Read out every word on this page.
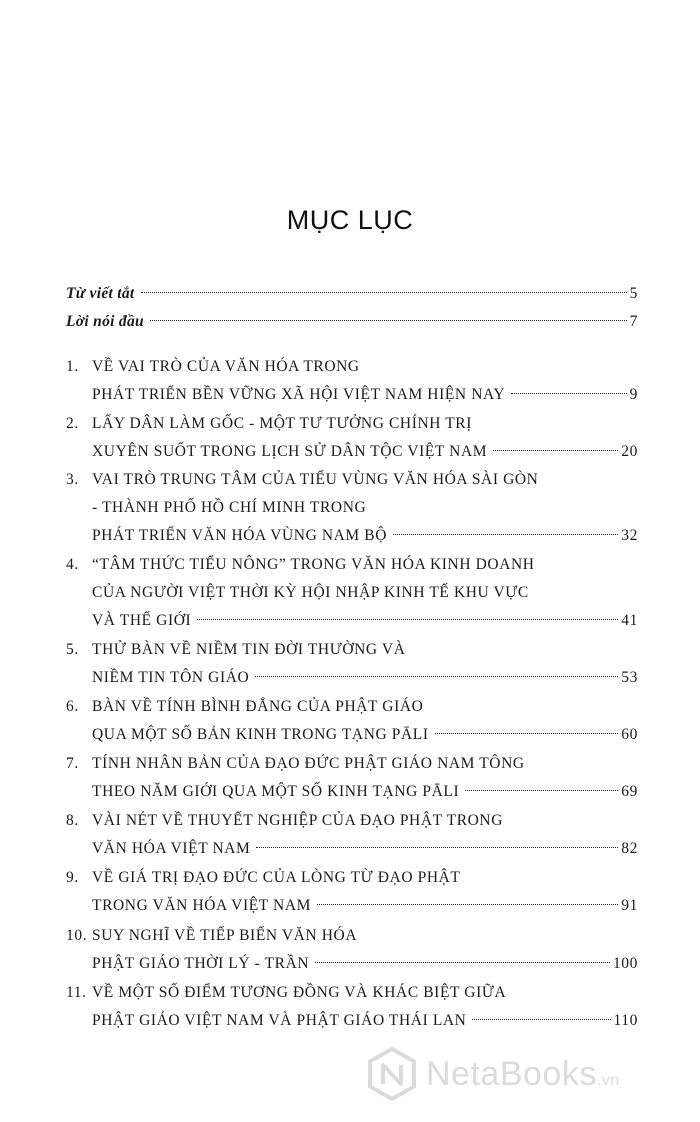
MỤC LỤC
Từ viết tắt	5
Lời nói đầu	7
1. VỀ VAI TRÒ CỦA VĂN HÓA TRONG
PHÁT TRIỂN BỀN VỮNG XÃ HỘI VIỆT NAM HIỆN NAY	9
2. LẤY DÂN LÀM GỐC - MỘT TƯ TƯỞNG CHÍNH TRỊ
XUYÊN SUỐT TRONG LỊCH SỬ DÂN TỘC VIỆT NAM	20
3. VAI TRÒ TRUNG TÂM CỦA TIỂU VÙNG VĂN HÓA SÀI GÒN
- THÀNH PHỐ HỒ CHÍ MINH TRONG
PHÁT TRIỂN VĂN HÓA VÙNG NAM BỘ	32
4. “TÂM THỨC TIỂU NÔNG” TRONG VĂN HÓA KINH DOANH
CỦA NGƯỜI VIỆT THỜI KỲ HỘI NHẬP KINH TẾ KHU VỰC
VÀ THẾ GIỚI	41
5. THỬ BÀN VỀ NIỀM TIN ĐỜI THƯỜNG VÀ
NIỀM TIN TÔN GIÁO	53
6. BÀN VỀ TÍNH BÌNH ĐẲNG CỦA PHẬT GIÁO
QUA MỘT SỐ BẢN KINH TRONG TẠNG PĀLI	60
7. TÍNH NHÂN BẢN CỦA ĐẠO ĐỨC PHẬT GIÁO NAM TÔNG
THEO NĂM GIỚI QUA MỘT SỐ KINH TẠNG PĀLI	69
8. VÀI NÉT VỀ THUYẾT NGHIỆP CỦA ĐẠO PHẬT TRONG
VĂN HÓA VIỆT NAM	82
9. VỀ GIÁ TRỊ ĐẠO ĐỨC CỦA LÒNG TỪ ĐẠO PHẬT
TRONG VĂN HÓA VIỆT NAM	91
10. SUY NGHĨ VỀ TIẾP BIẾN VĂN HÓA
PHẬT GIÁO THỜI LÝ - TRẦN	100
11. VỀ MỘT SỐ ĐIỂM TƯƠNG ĐỒNG VÀ KHÁC BIỆT GIỮA
PHẬT GIÁO VIỆT NAM VÀ PHẬT GIÁO THÁI LAN	110
NetaBooks.vn
